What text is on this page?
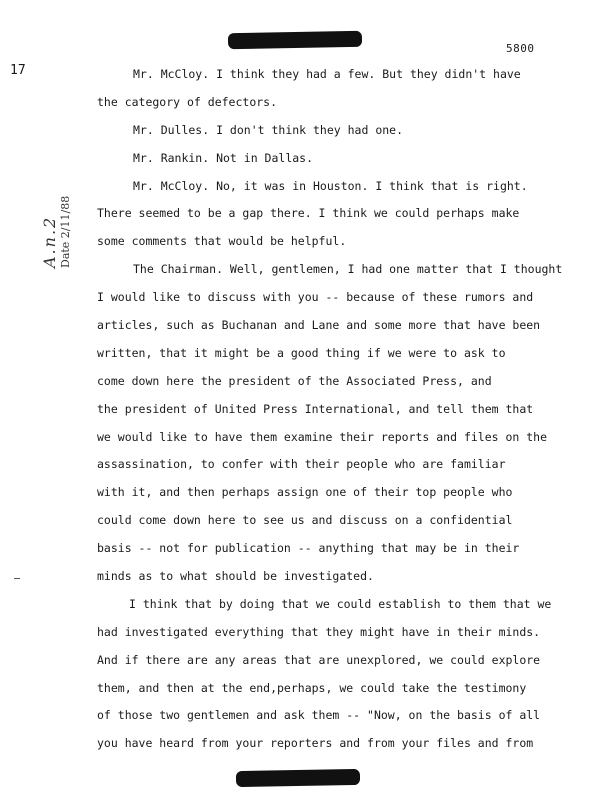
5800
17
A.n.2 Date 2/11/88
Mr. McCloy. I think they had a few. But they didn't have
the category of defectors.
Mr. Dulles. I don't think they had one.
Mr. Rankin. Not in Dallas.
Mr. McCloy. No, it was in Houston. I think that is right.
There seemed to be a gap there. I think we could perhaps make
some comments that would be helpful.
The Chairman. Well, gentlemen, I had one matter that I thought
I would like to discuss with you -- because of these rumors and
articles, such as Buchanan and Lane and some more that have been
written, that it might be a good thing if we were to ask to
come down here the president of the Associated Press, and
the president of United Press International, and tell them that
we would like to have them examine their reports and files on the
assassination, to confer with their people who are familiar
with it, and then perhaps assign one of their top people who
could come down here to see us and discuss on a confidential
basis -- not for publication -- anything that may be in their
minds as to what should be investigated.
I think that by doing that we could establish to them that we
had investigated everything that they might have in their minds.
And if there are any areas that are unexplored, we could explore
them, and then at the end,perhaps, we could take the testimony
of those two gentlemen and ask them -- "Now, on the basis of all
you have heard from your reporters and from your files and from
